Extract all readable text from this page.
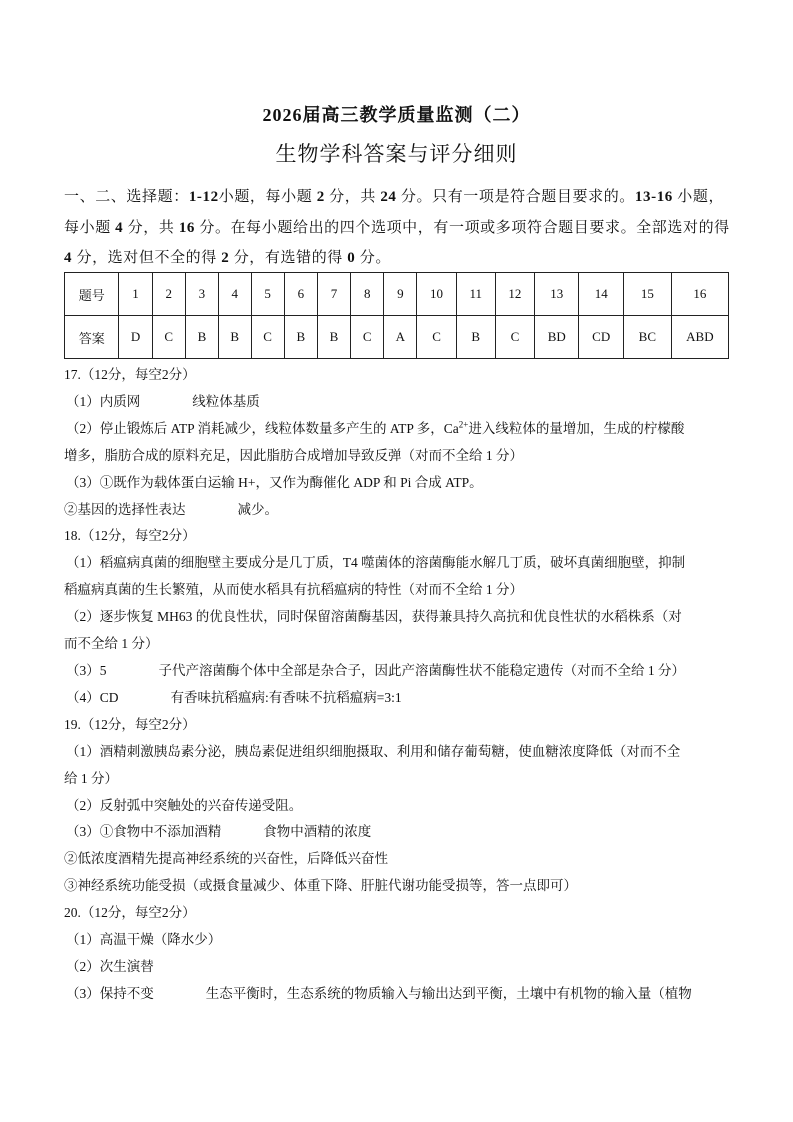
2026届高三教学质量监测（二）
生物学科答案与评分细则
一、二、选择题：1-12小题，每小题 2 分，共 24 分。只有一项是符合题目要求的。13-16 小题，每小题 4 分，共 16 分。在每小题给出的四个选项中，有一项或多项符合题目要求。全部选对的得 4 分，选对但不全的得 2 分，有选错的得 0 分。
题号	1	2	3	4	5	6	7	8	9	10	11	12	13	14	15	16
答案	D	C	B	B	C	B	B	C	A	C	B	C	BD	CD	BC	ABD
17.（12分，每空2分）
（1）内质网	线粒体基质
（2）停止锻炼后 ATP 消耗减少，线粒体数量多产生的 ATP 多，$Ca^{2+}$进入线粒体的量增加，生成的柠檬酸
增多，脂肪合成的原料充足，因此脂肪合成增加导致反弹（对而不全给 1 分）
（3）①既作为载体蛋白运输 H+，又作为酶催化 ADP 和 Pi 合成 ATP。
②基因的选择性表达	减少。
18.（12分，每空2分）
（1）稻瘟病真菌的细胞壁主要成分是几丁质，T4 噬菌体的溶菌酶能水解几丁质，破坏真菌细胞壁，抑制
稻瘟病真菌的生长繁殖，从而使水稻具有抗稻瘟病的特性（对而不全给 1 分）
（2）逐步恢复 MH63 的优良性状，同时保留溶菌酶基因，获得兼具持久高抗和优良性状的水稻株系（对
而不全给 1 分）
（3）5	子代产溶菌酶个体中全部是杂合子，因此产溶菌酶性状不能稳定遗传（对而不全给 1 分）
（4）CD	有香味抗稻瘟病:有香味不抗稻瘟病=3:1
19.（12分，每空2分）
（1）酒精刺激胰岛素分泌，胰岛素促进组织细胞摄取、利用和储存葡萄糖，使血糖浓度降低（对而不全
给 1 分）
（2）反射弧中突触处的兴奋传递受阻。
（3）①食物中不添加酒精	食物中酒精的浓度
②低浓度酒精先提高神经系统的兴奋性，后降低兴奋性
③神经系统功能受损（或摄食量减少、体重下降、肝脏代谢功能受损等，答一点即可）
20.（12分，每空2分）
（1）高温干燥（降水少）
（2）次生演替
（3）保持不变	生态平衡时，生态系统的物质输入与输出达到平衡，土壤中有机物的输入量（植物
